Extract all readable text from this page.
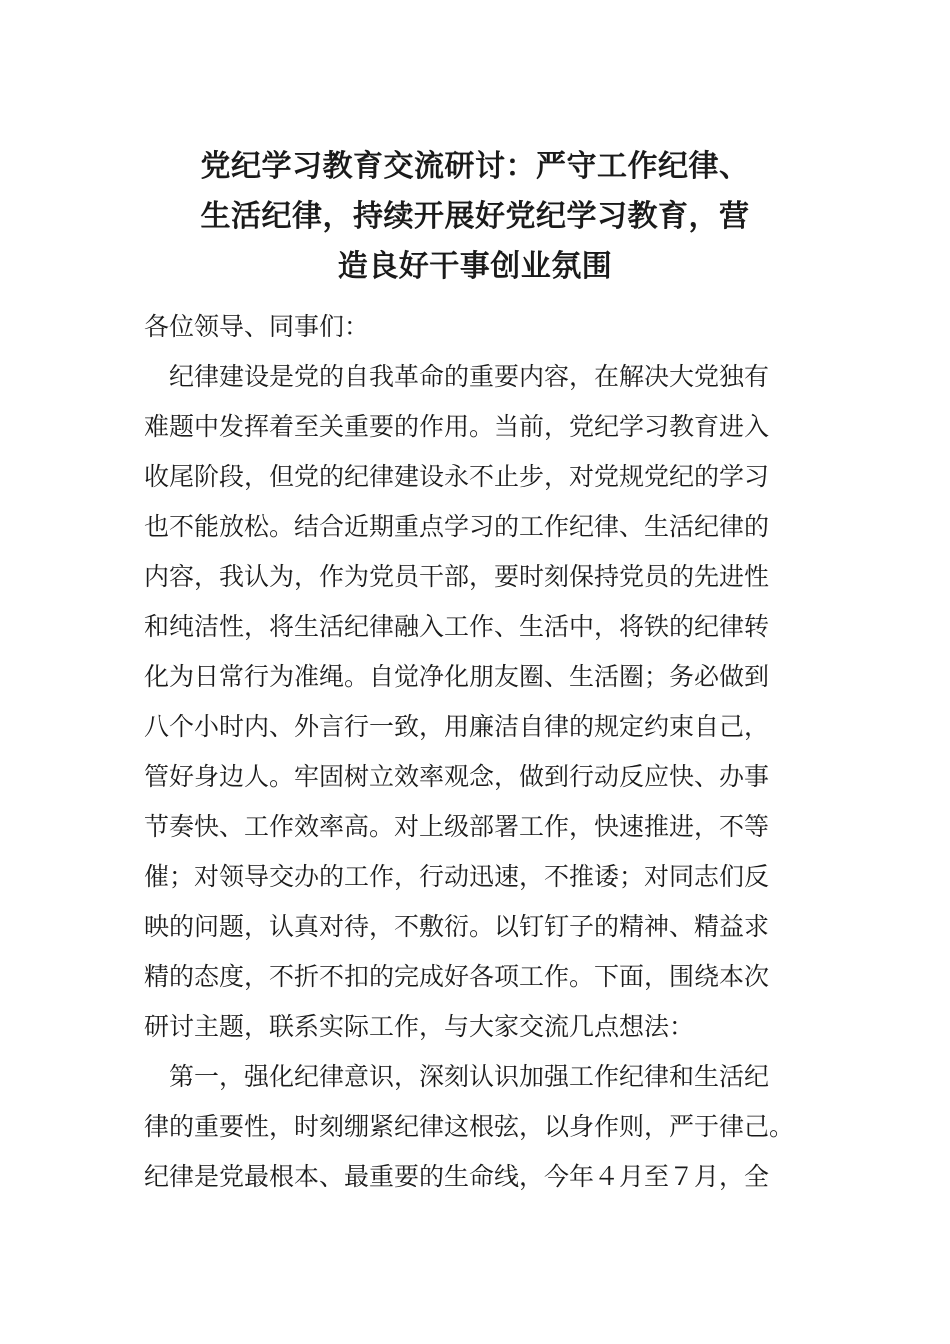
党纪学习教育交流研讨：严守工作纪律、
生活纪律，持续开展好党纪学习教育，营
造良好干事创业氛围
各位领导、同事们：
纪律建设是党的自我革命的重要内容，在解决大党独有
难题中发挥着至关重要的作用。当前，党纪学习教育进入
收尾阶段，但党的纪律建设永不止步，对党规党纪的学习
也不能放松。结合近期重点学习的工作纪律、生活纪律的
内容，我认为，作为党员干部，要时刻保持党员的先进性
和纯洁性，将生活纪律融入工作、生活中，将铁的纪律转
化为日常行为准绳。自觉净化朋友圈、生活圈；务必做到
八个小时内、外言行一致，用廉洁自律的规定约束自己，
管好身边人。牢固树立效率观念，做到行动反应快、办事
节奏快、工作效率高。对上级部署工作，快速推进，不等
催；对领导交办的工作，行动迅速，不推诿；对同志们反
映的问题，认真对待，不敷衍。以钉钉子的精神、精益求
精的态度，不折不扣的完成好各项工作。下面，围绕本次
研讨主题，联系实际工作，与大家交流几点想法：
第一，强化纪律意识，深刻认识加强工作纪律和生活纪
律的重要性，时刻绷紧纪律这根弦，以身作则，严于律己。
纪律是党最根本、最重要的生命线，今年４月至７月，全
